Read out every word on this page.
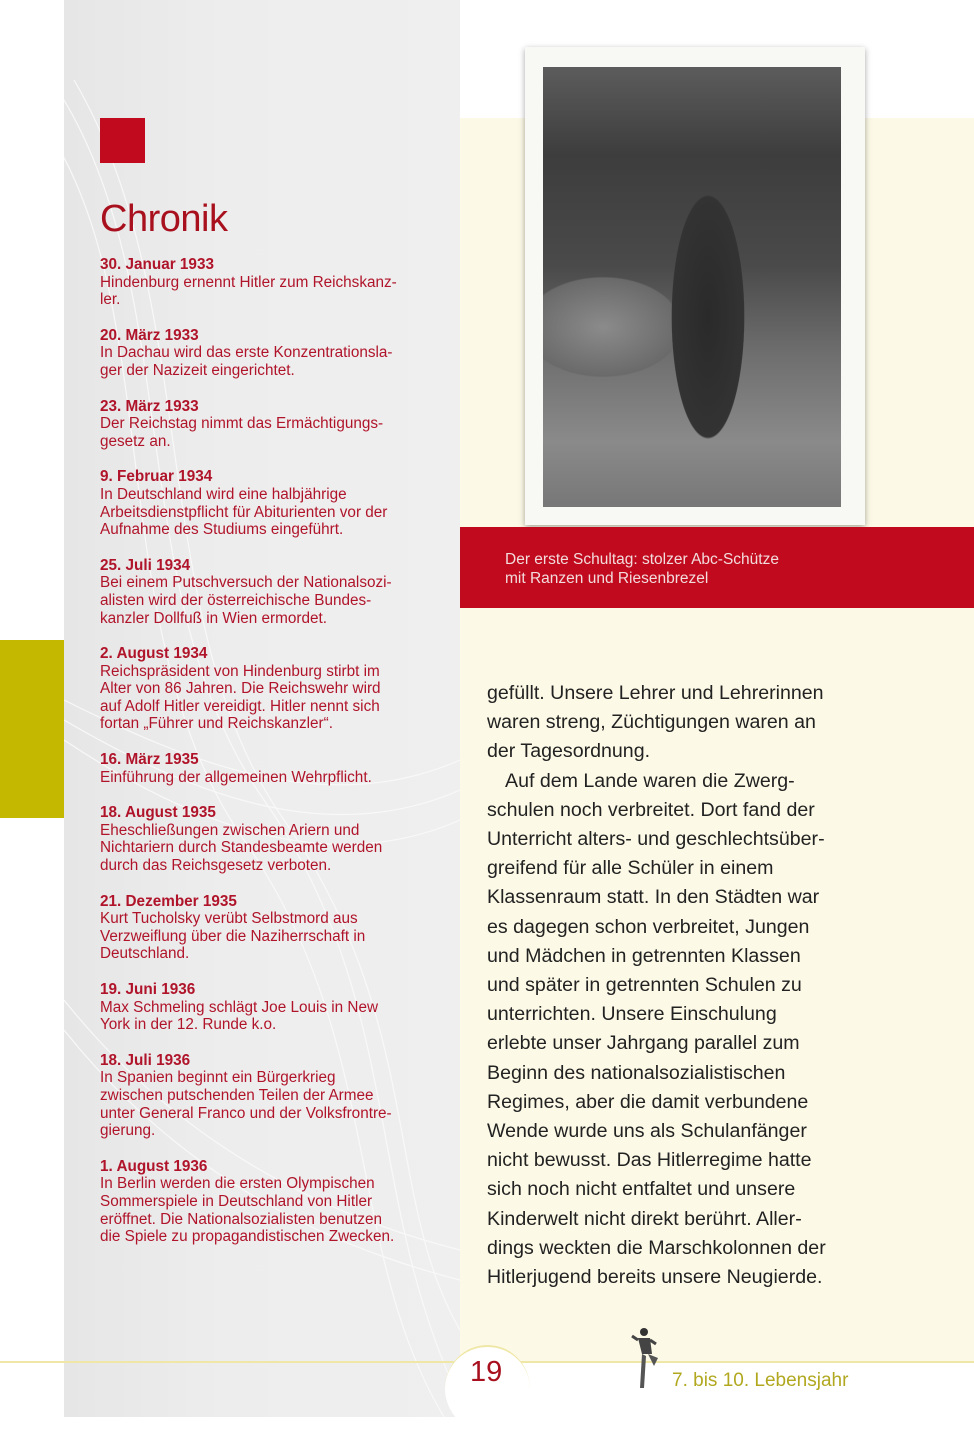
Chronik
30. Januar 1933
Hindenburg ernennt Hitler zum Reichskanz-
ler.
20. März 1933
In Dachau wird das erste Konzentrationsla-
ger der Nazizeit eingerichtet.
23. März 1933
Der Reichstag nimmt das Ermächtigungs-
gesetz an.
9. Februar 1934
In Deutschland wird eine halbjährige
Arbeitsdienstpflicht für Abiturienten vor der
Aufnahme des Studiums eingeführt.
25. Juli 1934
Bei einem Putschversuch der Nationalsozi-
alisten wird der österreichische Bundes-
kanzler Dollfuß in Wien ermordet.
2. August 1934
Reichspräsident von Hindenburg stirbt im
Alter von 86 Jahren. Die Reichswehr wird
auf Adolf Hitler vereidigt. Hitler nennt sich
fortan „Führer und Reichskanzler“.
16. März 1935
Einführung der allgemeinen Wehrpflicht.
18. August 1935
Eheschließungen zwischen Ariern und
Nichtariern durch Standesbeamte werden
durch das Reichsgesetz verboten.
21. Dezember 1935
Kurt Tucholsky verübt Selbstmord aus
Verzweiflung über die Naziherrschaft in
Deutschland.
19. Juni 1936
Max Schmeling schlägt Joe Louis in New
York in der 12. Runde k.o.
18. Juli 1936
In Spanien beginnt ein Bürgerkrieg
zwischen putschenden Teilen der Armee
unter General Franco und der Volksfrontre-
gierung.
1. August 1936
In Berlin werden die ersten Olympischen
Sommerspiele in Deutschland von Hitler
eröffnet. Die Nationalsozialisten benutzen
die Spiele zu propagandistischen Zwecken.
Der erste Schultag: stolzer Abc-Schütze
mit Ranzen und Riesenbrezel

gefüllt. Unsere Lehrer und Lehrerinnen
waren streng, Züchtigungen waren an
der Tagesordnung.

Auf dem Lande waren die Zwerg-
schulen noch verbreitet. Dort fand der
Unterricht alters- und geschlechtsüber-
greifend für alle Schüler in einem
Klassenraum statt. In den Städten war
es dagegen schon verbreitet, Jungen
und Mädchen in getrennten Klassen
und später in getrennten Schulen zu
unterrichten. Unsere Einschulung
erlebte unser Jahrgang parallel zum
Beginn des nationalsozialistischen
Regimes, aber die damit verbundene
Wende wurde uns als Schulanfänger
nicht bewusst. Das Hitlerregime hatte
sich noch nicht entfaltet und unsere
Kinderwelt nicht direkt berührt. Aller-
dings weckten die Marschkolonnen der
Hitlerjugend bereits unsere Neugierde.

19	7. bis 10. Lebensjahr
